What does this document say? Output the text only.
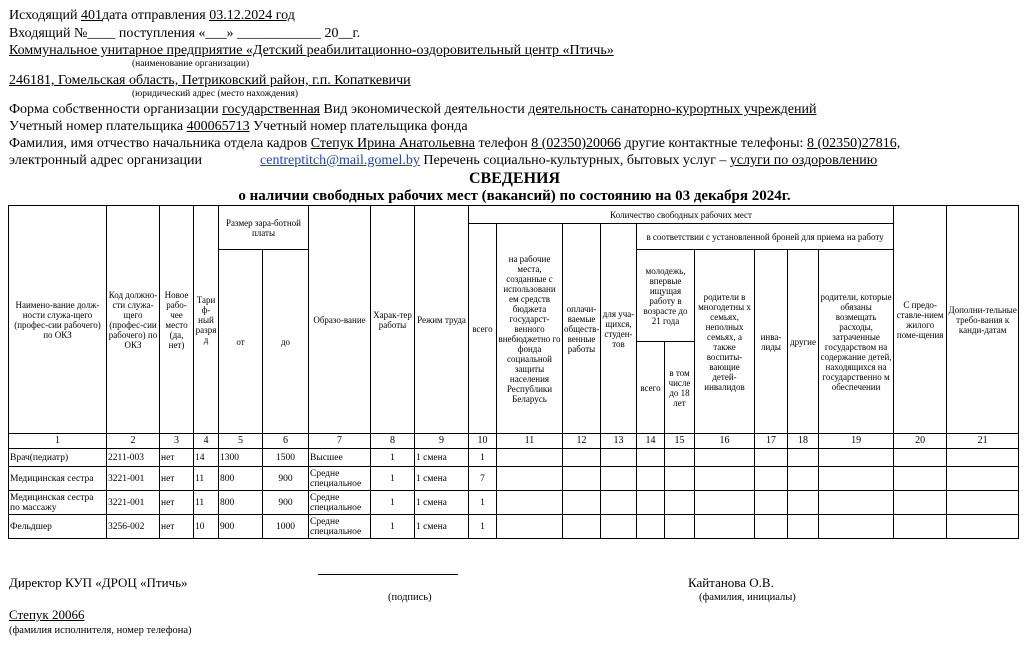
Исходящий 401дата отправления 03.12.2024 год
Входящий №____ поступления «___» ____________ 20__г.
Коммунальное унитарное предприятие «Детский реабилитационно-оздоровительный центр «Птичь»
(наименование организации)
246181, Гомельская область, Петриковский район, г.п. Копаткевичи
(юридический адрес (место нахождения)
Форма собственности организации государственная Вид экономической деятельности деятельность санаторно-курортных учреждений
Учетный номер плательщика 400065713 Учетный номер плательщика фонда
Фамилия, имя отчество начальника отдела кадров Степук Ирина Анатольевна телефон 8 (02350)20066 другие контактные телефоны: 8 (02350)27816,
электронный адрес организации	centreptitch@mail.gomel.by Перечень социально-культурных, бытовых услуг – услуги по оздоровлению
СВЕДЕНИЯ
о наличии свободных рабочих мест (вакансий) по состоянию на 03 декабря 2024г.
Наимено-вание долж-ности служа-щего (профес-сии рабочего) по ОКЗ	Код должно-сти служа-щего (профес-сии рабочего) по ОКЗ	Новое рабо-чее место (да, нет)	Тари ф-ный разря д	Размер зара-ботной платы		Образо-вание	Харак-тер работы	Режим труда	Количество свободных рабочих мест										С предо-ставле-нием жилого поме-щения	Дополни-тельные требо-вания к канди-датам
									всего	на рабочие места, созданные с использовани ем средств бюджета государст-венного внебюджетно го фонда социальной защиты населения Республики Беларусь	оплачи-ваемые обществ-венные работы	для уча-щихся, студен-тов	в соответствии с установленной броней для приема на работу							
				от	до								молодежь, впервые ищущая работу в возрасте до 21 года		родители в многодетны х семьях, неполных семьях, а также воспиты-вающие детей-инвалидов	инва-лиды	другие	родители, которые обязаны возмещать расходы, затраченные государством на содержание детей, находящихся на государственно м обеспечении		
													всего	в том числе до 18 лет						
1	2	3	4	5	6	7	8	9	10	11	12	13	14	15	16	17	18	19	20	21
Врач(педиатр)	2211-003	нет	14	1300	1500	Высшее	1	1 смена	1											
Медицинская сестра	3221-001	нет	11	800	900	Средне специальное	1	1 смена	7											
Медицинская сестра по массажу	3221-001	нет	11	800	900	Средне специальное	1	1 смена	1											
Фельдшер	3256-002	нет	10	900	1000	Средне специальное	1	1 смена	1											
Директор КУП «ДРОЦ «Птичь»
(подпись)
Кайтанова О.В.
(фамилия, инициалы)
Степук 20066
(фамилия исполнителя, номер телефона)
